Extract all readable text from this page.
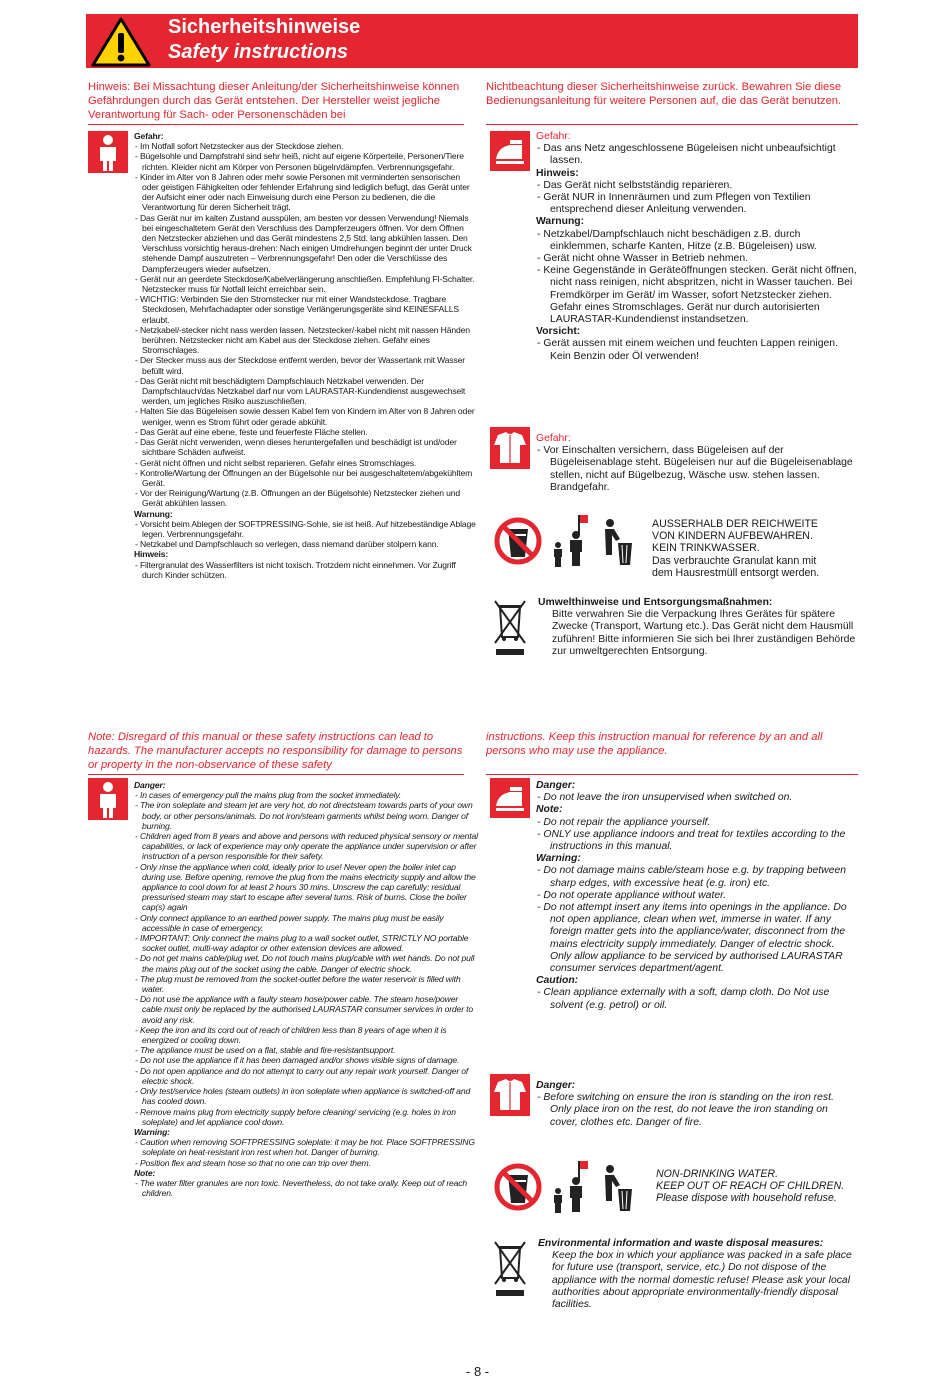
Sicherheitshinweise
Safety instructions
Hinweis: Bei Missachtung dieser Anleitung/der Sicherheitshinweise können Gefährdungen durch das Gerät entstehen. Der Hersteller weist jegliche Verantwortung für Sach- oder Personenschäden bei
Nichtbeachtung dieser Sicherheitshinweise zurück. Bewahren Sie diese Bedienungsanleitung für weitere Personen auf, die das Gerät benutzen.
Gefahr:
- Im Notfall sofort Netzstecker aus der Steckdose ziehen.
- Bügelsohle und Dampfstrahl sind sehr heiß, nicht auf eigene Körperteile, Personen/Tiere richten. Kleider nicht am Körper von Personen bügeln/dämpfen. Verbrennungsgefahr.
- Kinder im Alter von 8 Jahren oder mehr sowie Personen mit verminderten sensorischen oder geistigen Fähigkeiten oder fehlender Erfahrung sind lediglich befugt, das Gerät unter der Aufsicht einer oder nach Einweisung durch eine Person zu bedienen, die die Verantwortung für deren Sicherheit trägt.
- Das Gerät nur im kalten Zustand ausspülen, am besten vor dessen Verwendung! Niemals bei eingeschaltetem Gerät den Verschluss des Dampferzeugers öffnen. Vor dem Öffnen den Netzstecker abziehen und das Gerät mindestens 2,5 Std. lang abkühlen lassen. Den Verschluss vorsichtig heraus-drehen: Nach einigen Umdrehungen beginnt der unter Druck stehende Dampf auszutreten – Verbrennungsgefahr! Den oder die Verschlüsse des Dampferzeugers wieder aufsetzen.
- Gerät nur an geerdete Steckdose/Kabelverlängerung anschließen. Empfehlung FI-Schalter. Netzstecker muss für Notfall leicht erreichbar sein.
- WICHTIG: Verbinden Sie den Stromstecker nur mit einer Wandsteckdose. Tragbare Steckdosen, Mehrfachadapter oder sonstige Verlängerungsgeräte sind KEINESFALLS erlaubt.
- Netzkabel/-stecker nicht nass werden lassen. Netzstecker/-kabel nicht mit nassen Händen berühren. Netzstecker nicht am Kabel aus der Steckdose ziehen. Gefahr eines Stromschlages.
- Der Stecker muss aus der Steckdose entfernt werden, bevor der Wassertank mit Wasser befüllt wird.
- Das Gerät nicht mit beschädigtem Dampfschlauch Netzkabel verwenden. Der Dampfschlauch/das Netzkabel darf nur vom LAURASTAR-Kundendienst ausgewechselt werden, um jegliches Risiko auszuschließen.
- Halten Sie das Bügeleisen sowie dessen Kabel fern von Kindern im Alter von 8 Jahren oder weniger, wenn es Strom führt oder gerade abkühlt.
- Das Gerät auf eine ebene, feste und feuerfeste Fläche stellen.
- Das Gerät nicht verwenden, wenn dieses heruntergefallen und beschädigt ist und/oder sichtbare Schäden aufweist.
- Gerät nicht öffnen und nicht selbst reparieren. Gefahr eines Stromschlages.
- Kontrolle/Wartung der Öffnungen an der Bügelsohle nur bei ausgeschaltetem/abgekühltem Gerät.
- Vor der Reinigung/Wartung (z.B. Öffnungen an der Bügelsohle) Netzstecker ziehen und Gerät abkühlen lassen.
Warnung:
- Vorsicht beim Ablegen der SOFTPRESSING-Sohle, sie ist heiß. Auf hitzebeständige Ablage legen. Verbrennungsgefahr.
- Netzkabel und Dampfschlauch so verlegen, dass niemand darüber stolpern kann.
Hinweis:
- Filtergranulat des Wasserfilters ist nicht toxisch. Trotzdem nicht einnehmen. Vor Zugriff durch Kinder schützen.
Gefahr:
- Das ans Netz angeschlossene Bügeleisen nicht unbeaufsichtigt lassen.
Hinweis:
- Das Gerät nicht selbstständig reparieren.
- Gerät NUR in Innenräumen und zum Pflegen von Textilien entsprechend dieser Anleitung verwenden.
Warnung:
- Netzkabel/Dampfschlauch nicht beschädigen z.B. durch einklemmen, scharfe Kanten, Hitze (z.B. Bügeleisen) usw.
- Gerät nicht ohne Wasser in Betrieb nehmen.
- Keine Gegenstände in Geräteöffnungen stecken. Gerät nicht öffnen, nicht nass reinigen, nicht abspritzen, nicht in Wasser tauchen. Bei Fremdkörper im Gerät/ im Wasser, sofort Netzstecker ziehen. Gefahr eines Stromschlages. Gerät nur durch autorisierten LAURASTAR-Kundendienst instandsetzen.
Vorsicht:
- Gerät aussen mit einem weichen und feuchten Lappen reinigen. Kein Benzin oder Öl verwenden!
Gefahr:
- Vor Einschalten versichern, dass Bügeleisen auf der Bügeleisenablage steht. Bügeleisen nur auf die Bügeleisenablage stellen, nicht auf Bügelbezug, Wäsche usw. stehen lassen. Brandgefahr.
AUSSERHALB DER REICHWEITE
VON KINDERN AUFBEWAHREN.
KEIN TRINKWASSER.
Das verbrauchte Granulat kann mit
dem Hausrestmüll entsorgt werden.
Umwelthinweise und Entsorgungsmaßnahmen:
Bitte verwahren Sie die Verpackung Ihres Gerätes für spätere Zwecke (Transport, Wartung etc.). Das Gerät nicht dem Hausmüll zuführen! Bitte informieren Sie sich bei Ihrer zuständigen Behörde zur umweltgerechten Entsorgung.
Note: Disregard of this manual or these safety instructions can lead to hazards. The manufacturer accepts no responsibility for damage to persons or property in the non-observance of these safety
instructions. Keep this instruction manual for reference by an and all persons who may use the appliance.
Danger:
- In cases of emergency pull the mains plug from the socket immediately.
- The iron soleplate and steam jet are very hot, do not directsteam towards parts of your own body, or other persons/animals. Do not iron/steam garments whilst being worn. Danger of burning.
- Children aged from 8 years and above and persons with reduced physical sensory or mental capabilities, or lack of experience may only operate the appliance under supervision or after instruction of a person responsible for their safety.
- Only rinse the appliance when cold, ideally prior to use! Never open the boiler inlet cap during use. Before opening, remove the plug from the mains electricity supply and allow the appliance to cool down for at least 2 hours 30 mins. Unscrew the cap carefully: residual pressurised steam may start to escape after several turns. Risk of burns. Close the boiler cap(s) again
- Only connect appliance to an earthed power supply. The mains plug must be easily accessible in case of emergency.
- IMPORTANT: Only connect the mains plug to a wall socket outlet, STRICTLY NO portable socket outlet, multi-way adaptor or other extension devices are allowed.
- Do not get mains cable/plug wet. Do not touch mains plug/cable with wet hands. Do not pull the mains plug out of the socket using the cable. Danger of electric shock.
- The plug must be removed from the socket-outlet before the water reservoir is filled with water.
- Do not use the appliance with a faulty steam hose/power cable. The steam hose/power cable must only be replaced by the authorised LAURASTAR consumer services in order to avoid any risk.
- Keep the iron and its cord out of reach of children less than 8 years of age when it is energized or cooling down.
- The appliance must be used on a flat, stable and fire-resistantsupport.
- Do not use the appliance if it has been damaged and/or shows visible signs of damage.
- Do not open appliance and do not attempt to carry out any repair work yourself. Danger of electric shock.
- Only test/service holes (steam outlets) in iron soleplate when appliance is switched-off and has cooled down.
- Remove mains plug from electricity supply before cleaning/ servicing (e.g. holes in iron soleplate) and let appliance cool down.
Warning:
- Caution when removing SOFTPRESSING soleplate: it may be hot. Place SOFTPRESSING soleplate on heat-resistant iron rest when hot. Danger of burning.
- Position flex and steam hose so that no one can trip over them.
Note:
- The water filter granules are non toxic. Nevertheless, do not take orally. Keep out of reach children.
Danger:
- Do not leave the iron unsupervised when switched on.
Note:
- Do not repair the appliance yourself.
- ONLY use appliance indoors and treat for textiles according to the instructions in this manual.
Warning:
- Do not damage mains cable/steam hose e.g. by trapping between sharp edges, with excessive heat (e.g. iron) etc.
- Do not operate appliance without water.
- Do not attempt insert any items into openings in the appliance. Do not open appliance, clean when wet, immerse in water. If any foreign matter gets into the appliance/water, disconnect from the mains electricity supply immediately. Danger of electric shock. Only allow appliance to be serviced by authorised LAURASTAR consumer services department/agent.
Caution:
- Clean appliance externally with a soft, damp cloth. Do Not use solvent (e.g. petrol) or oil.
Danger:
- Before switching on ensure the iron is standing on the iron rest. Only place iron on the rest, do not leave the iron standing on cover, clothes etc. Danger of fire.
NON-DRINKING WATER.
KEEP OUT OF REACH OF CHILDREN.
Please dispose with household refuse.
Environmental information and waste disposal measures:
Keep the box in which your appliance was packed in a safe place for future use (transport, service, etc.) Do not dispose of the appliance with the normal domestic refuse! Please ask your local authorities about appropriate environmentally-friendly disposal facilities.
- 8 -
